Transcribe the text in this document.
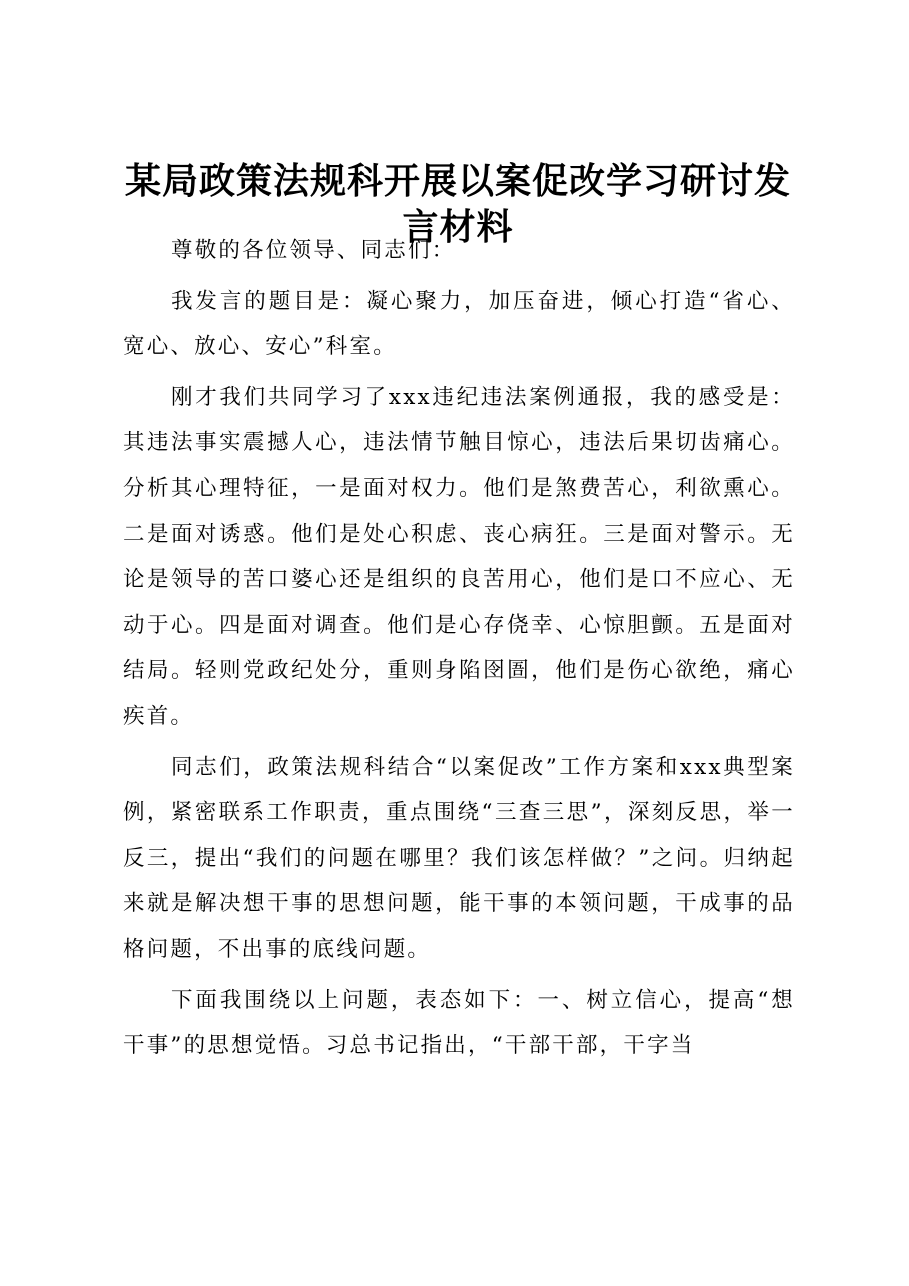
某局政策法规科开展以案促改学习研讨发言材料

尊敬的各位领导、同志们：

我发言的题目是：凝心聚力，加压奋进，倾心打造“省心、宽心、放心、安心”科室。

刚才我们共同学习了xxx违纪违法案例通报，我的感受是：其违法事实震撼人心，违法情节触目惊心，违法后果切齿痛心。分析其心理特征，一是面对权力。他们是煞费苦心，利欲熏心。二是面对诱惑。他们是处心积虑、丧心病狂。三是面对警示。无论是领导的苦口婆心还是组织的良苦用心，他们是口不应心、无动于心。四是面对调查。他们是心存侥幸、心惊胆颤。五是面对结局。轻则党政纪处分，重则身陷囹圄，他们是伤心欲绝，痛心疾首。

同志们，政策法规科结合“以案促改”工作方案和xxx典型案例，紧密联系工作职责，重点围绕“三查三思”，深刻反思，举一反三，提出“我们的问题在哪里？我们该怎样做？”之问。归纳起来就是解决想干事的思想问题，能干事的本领问题，干成事的品格问题，不出事的底线问题。

下面我围绕以上问题，表态如下：一、树立信心，提高“想干事”的思想觉悟。习总书记指出，“干部干部，干字当
